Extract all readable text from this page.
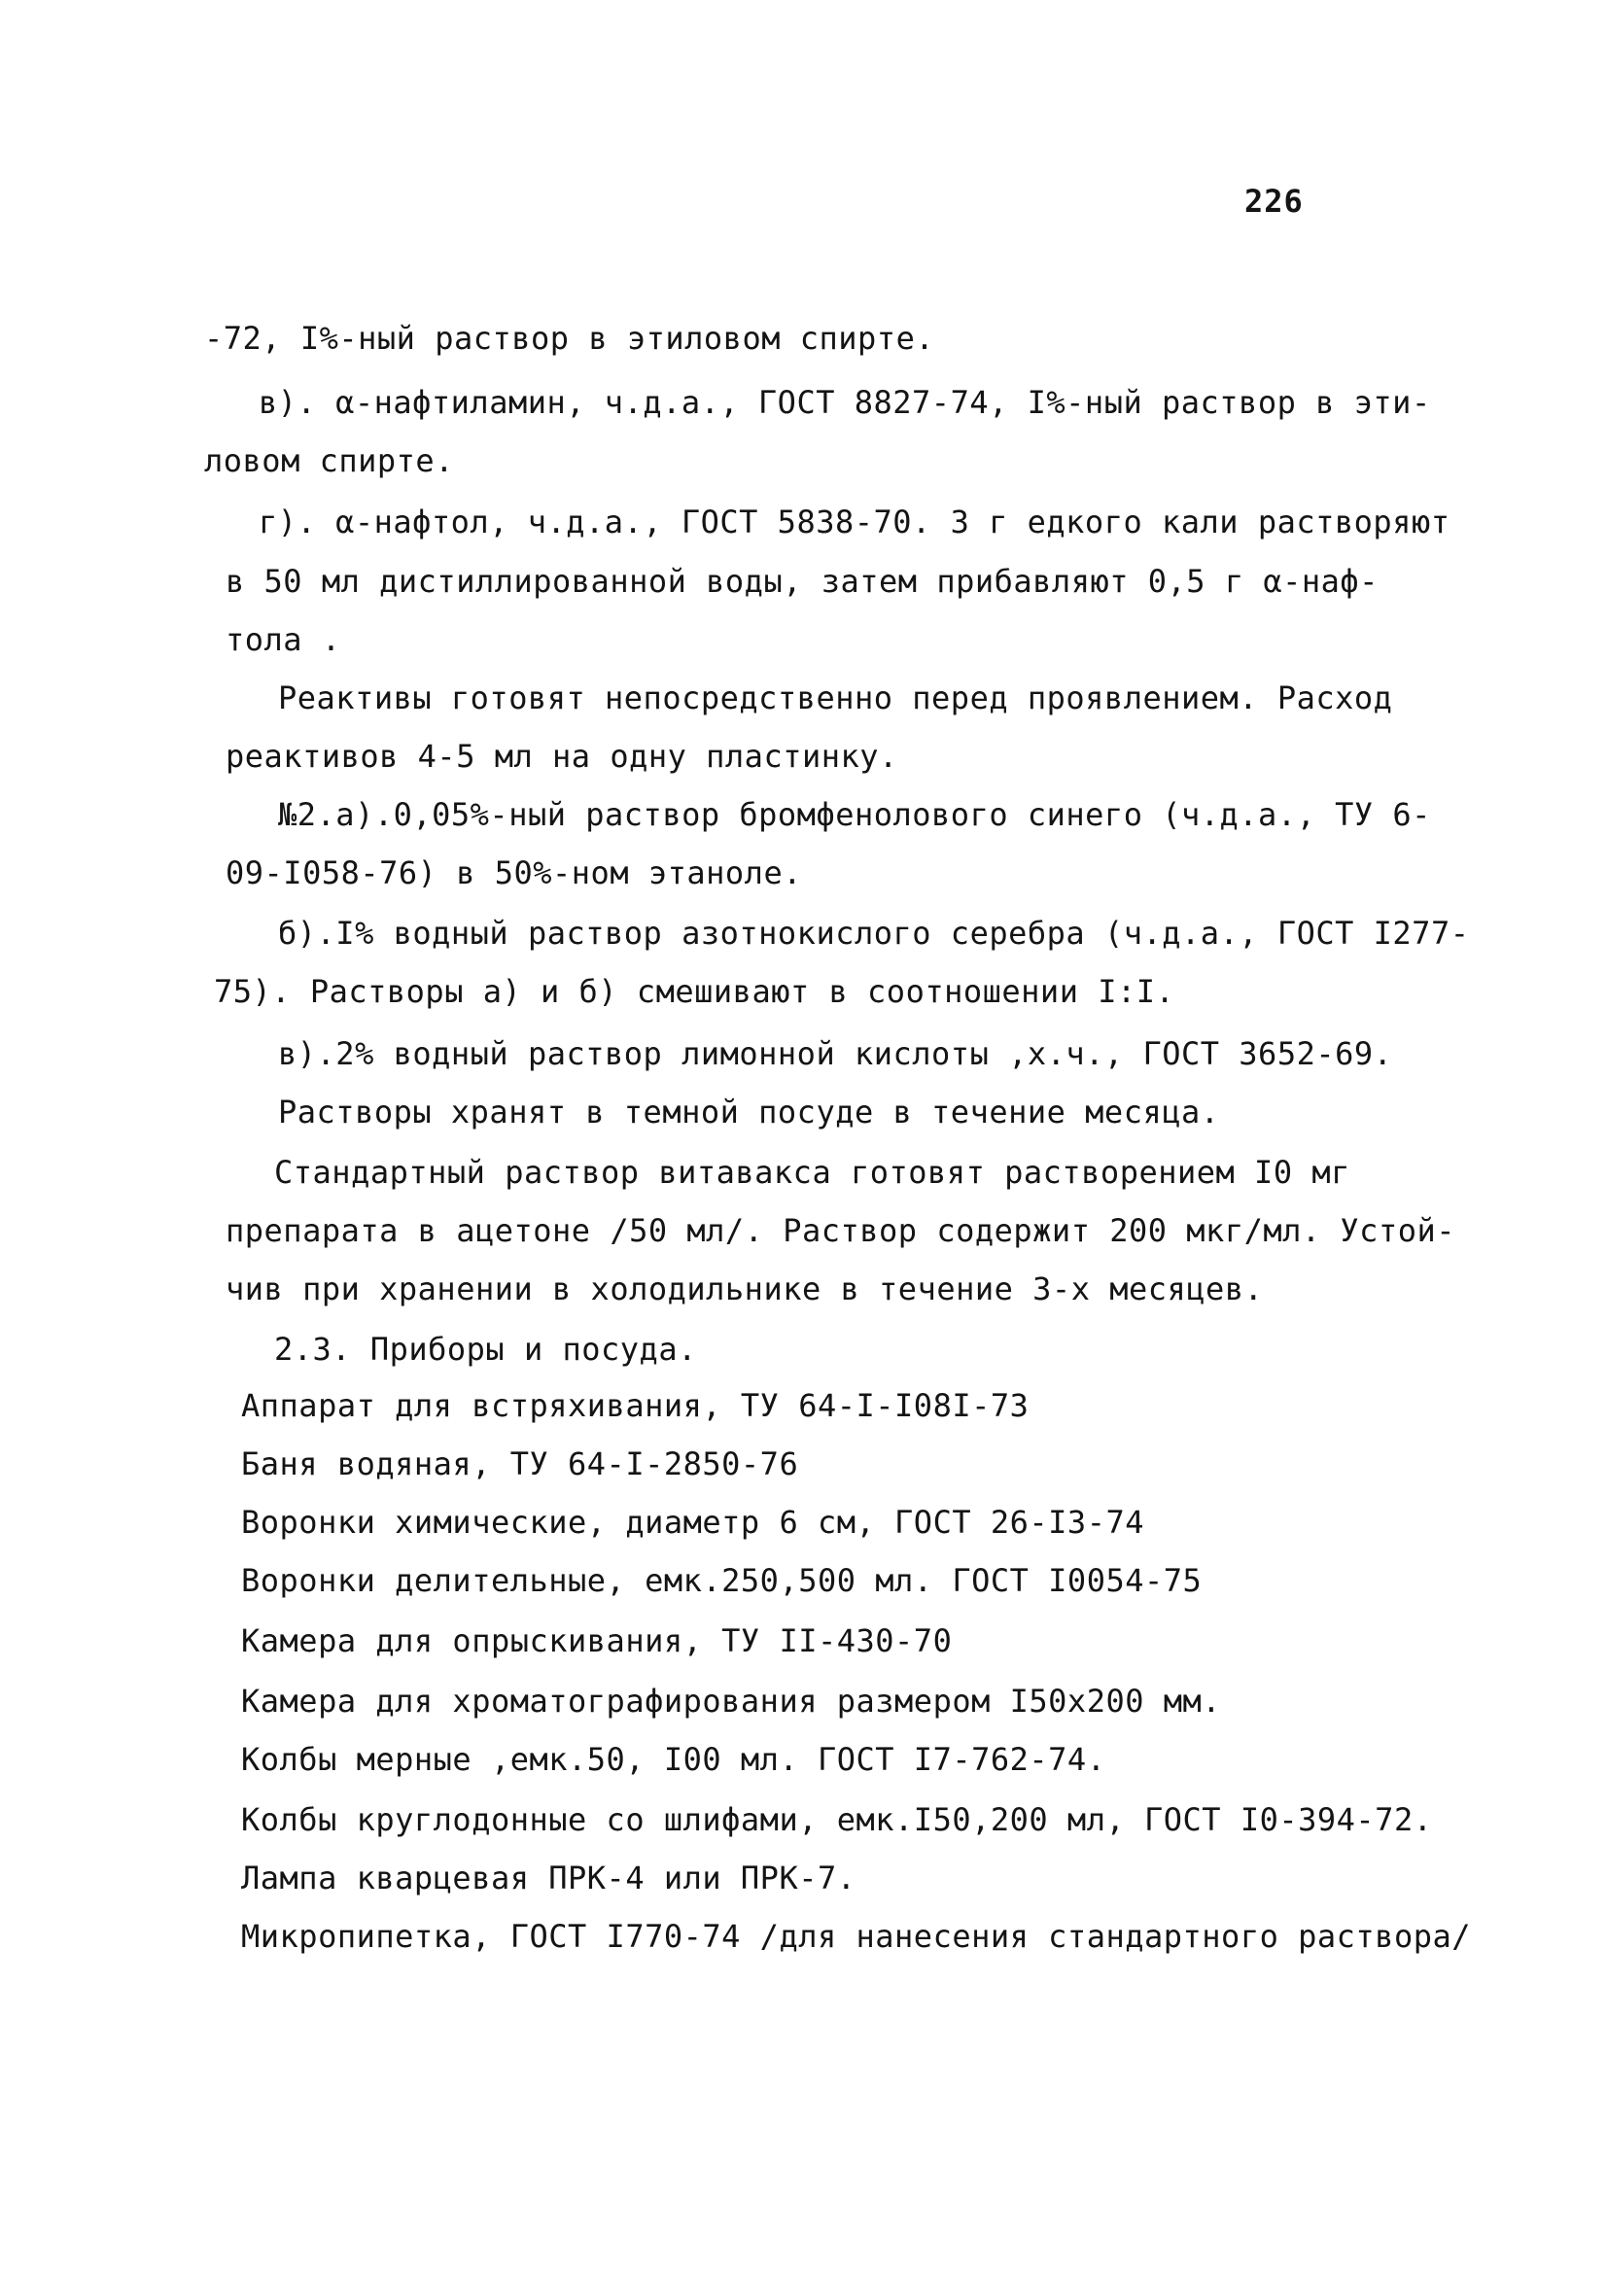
226
-72, I%-ный раствор в этиловом спирте.
в). α-нафтиламин, ч.д.а., ГОСТ 8827-74, I%-ный раствор в эти-
ловом спирте.
г). α-нафтол, ч.д.а., ГОСТ 5838-70. 3 г едкого кали растворяют
в 50 мл дистиллированной воды, затем прибавляют 0,5 г α-наф-
тола .
Реактивы готовят непосредственно перед проявлением. Расход
реактивов 4-5 мл на одну пластинку.
№2.а).0,05%-ный раствор бромфенолового синего (ч.д.а., ТУ 6-
09-I058-76) в 50%-ном этаноле.
б).I% водный раствор азотнокислого серебра (ч.д.а., ГОСТ I277-
75). Растворы а) и б) смешивают в соотношении I:I.
в).2% водный раствор лимонной кислоты ,х.ч., ГОСТ 3652-69.
Растворы хранят в темной посуде в течение месяца.
Стандартный раствор витавакса готовят растворением I0 мг
препарата в ацетоне /50 мл/. Раствор содержит 200 мкг/мл. Устой-
чив при хранении в холодильнике в течение 3-х месяцев.
2.3. Приборы и посуда.
Аппарат для встряхивания, ТУ 64-I-I08I-73
Баня водяная, ТУ 64-I-2850-76
Воронки химические, диаметр 6 см, ГОСТ 26-I3-74
Воронки делительные, емк.250,500 мл. ГОСТ I0054-75
Камера для опрыскивания, ТУ II-430-70
Камера для хроматографирования размером I50х200 мм.
Колбы мерные ,емк.50, I00 мл. ГОСТ I7-762-74.
Колбы круглодонные со шлифами, емк.I50,200 мл, ГОСТ I0-394-72.
Лампа кварцевая ПРК-4 или ПРК-7.
Микропипетка, ГОСТ I770-74 /для нанесения стандартного раствора/
